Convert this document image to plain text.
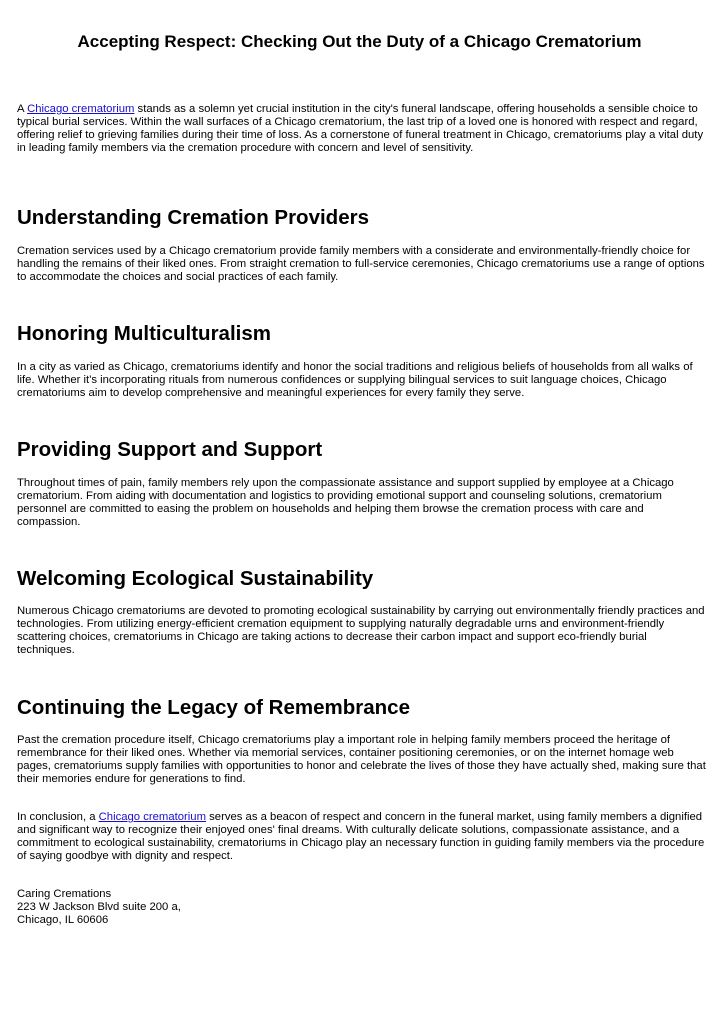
Accepting Respect: Checking Out the Duty of a Chicago Crematorium

A Chicago crematorium stands as a solemn yet crucial institution in the city's funeral landscape, offering households a sensible choice to typical burial services. Within the wall surfaces of a Chicago crematorium, the last trip of a loved one is honored with respect and regard, offering relief to grieving families during their time of loss. As a cornerstone of funeral treatment in Chicago, crematoriums play a vital duty in leading family members via the cremation procedure with concern and level of sensitivity.

Understanding Cremation Providers

Cremation services used by a Chicago crematorium provide family members with a considerate and environmentally-friendly choice for handling the remains of their liked ones. From straight cremation to full-service ceremonies, Chicago crematoriums use a range of options to accommodate the choices and social practices of each family.

Honoring Multiculturalism

In a city as varied as Chicago, crematoriums identify and honor the social traditions and religious beliefs of households from all walks of life. Whether it's incorporating rituals from numerous confidences or supplying bilingual services to suit language choices, Chicago crematoriums aim to develop comprehensive and meaningful experiences for every family they serve.

Providing Support and Support

Throughout times of pain, family members rely upon the compassionate assistance and support supplied by employee at a Chicago crematorium. From aiding with documentation and logistics to providing emotional support and counseling solutions, crematorium personnel are committed to easing the problem on households and helping them browse the cremation process with care and compassion.

Welcoming Ecological Sustainability

Numerous Chicago crematoriums are devoted to promoting ecological sustainability by carrying out environmentally friendly practices and technologies. From utilizing energy-efficient cremation equipment to supplying naturally degradable urns and environment-friendly scattering choices, crematoriums in Chicago are taking actions to decrease their carbon impact and support eco-friendly burial techniques.

Continuing the Legacy of Remembrance

Past the cremation procedure itself, Chicago crematoriums play a important role in helping family members proceed the heritage of remembrance for their liked ones. Whether via memorial services, container positioning ceremonies, or on the internet homage web pages, crematoriums supply families with opportunities to honor and celebrate the lives of those they have actually shed, making sure that their memories endure for generations to find.

In conclusion, a Chicago crematorium serves as a beacon of respect and concern in the funeral market, using family members a dignified and significant way to recognize their enjoyed ones' final dreams. With culturally delicate solutions, compassionate assistance, and a commitment to ecological sustainability, crematoriums in Chicago play an necessary function in guiding family members via the procedure of saying goodbye with dignity and respect.

Caring Cremations
223 W Jackson Blvd suite 200 a,
Chicago, IL 60606
